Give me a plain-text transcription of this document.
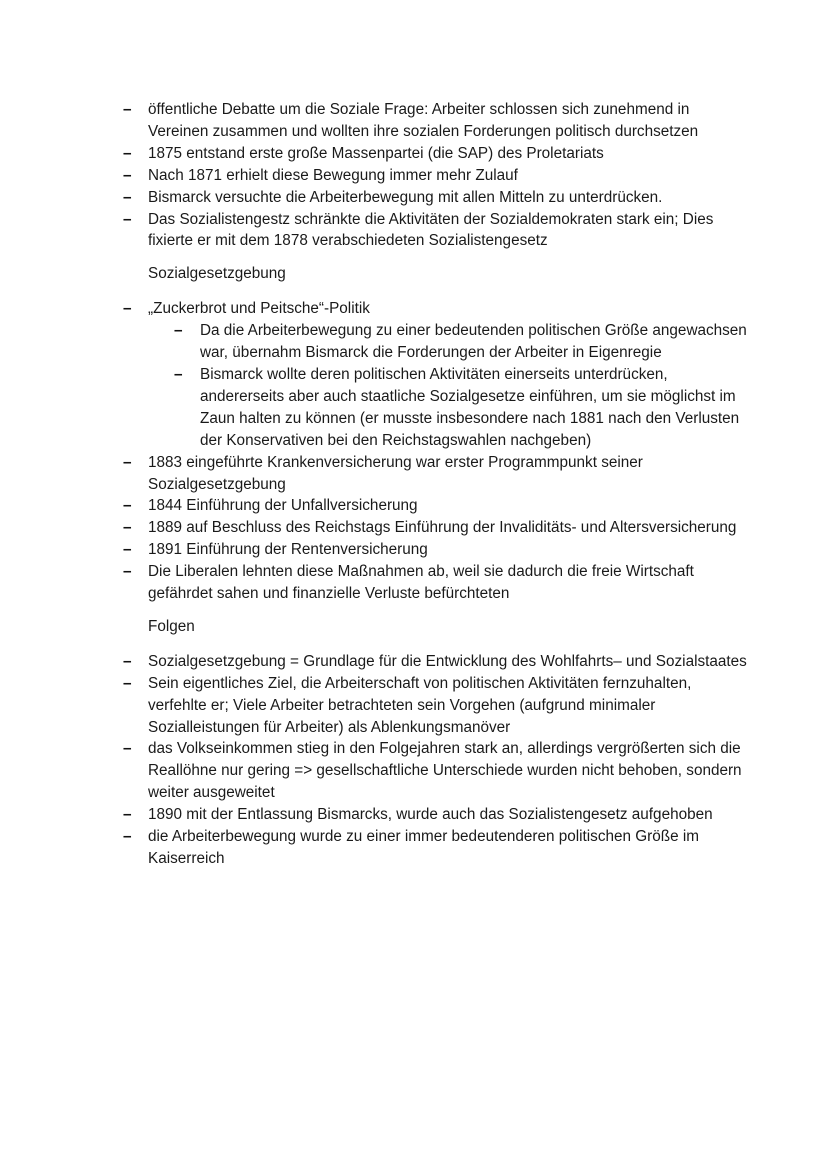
– öffentliche Debatte um die Soziale Frage: Arbeiter schlossen sich zunehmend in Vereinen zusammen und wollten ihre sozialen Forderungen politisch durchsetzen
– 1875 entstand erste große Massenpartei (die SAP) des Proletariats
– Nach 1871 erhielt diese Bewegung immer mehr Zulauf
– Bismarck versuchte die Arbeiterbewegung mit allen Mitteln zu unterdrücken.
– Das Sozialistengestz schränkte die Aktivitäten der Sozialdemokraten stark ein; Dies fixierte er mit dem 1878 verabschiedeten Sozialistengesetz
Sozialgesetzgebung
– „Zuckerbrot und Peitsche“-Politik
– Da die Arbeiterbewegung zu einer bedeutenden politischen Größe angewachsen war, übernahm Bismarck die Forderungen der Arbeiter in Eigenregie
– Bismarck wollte deren politischen Aktivitäten einerseits unterdrücken, andererseits aber auch staatliche Sozialgesetze einführen, um sie möglichst im Zaun halten zu können (er musste insbesondere nach 1881 nach den Verlusten der Konservativen bei den Reichstagswahlen nachgeben)
– 1883 eingeführte Krankenversicherung war erster Programmpunkt seiner Sozialgesetzgebung
– 1844 Einführung der Unfallversicherung
– 1889 auf Beschluss des Reichstags Einführung der Invaliditäts- und Altersversicherung
– 1891 Einführung der Rentenversicherung
– Die Liberalen lehnten diese Maßnahmen ab, weil sie dadurch die freie Wirtschaft gefährdet sahen und finanzielle Verluste befürchteten
Folgen
– Sozialgesetzgebung = Grundlage für die Entwicklung des Wohlfahrts– und Sozialstaates
– Sein eigentliches Ziel, die Arbeiterschaft von politischen Aktivitäten fernzuhalten, verfehlte er; Viele Arbeiter betrachteten sein Vorgehen (aufgrund minimaler Sozialleistungen für Arbeiter) als Ablenkungsmanöver
– das Volkseinkommen stieg in den Folgejahren stark an, allerdings vergrößerten sich die Reallöhne nur gering => gesellschaftliche Unterschiede wurden nicht behoben, sondern weiter ausgeweitet
– 1890 mit der Entlassung Bismarcks, wurde auch das Sozialistengesetz aufgehoben
– die Arbeiterbewegung wurde zu einer immer bedeutenderen politischen Größe im Kaiserreich
